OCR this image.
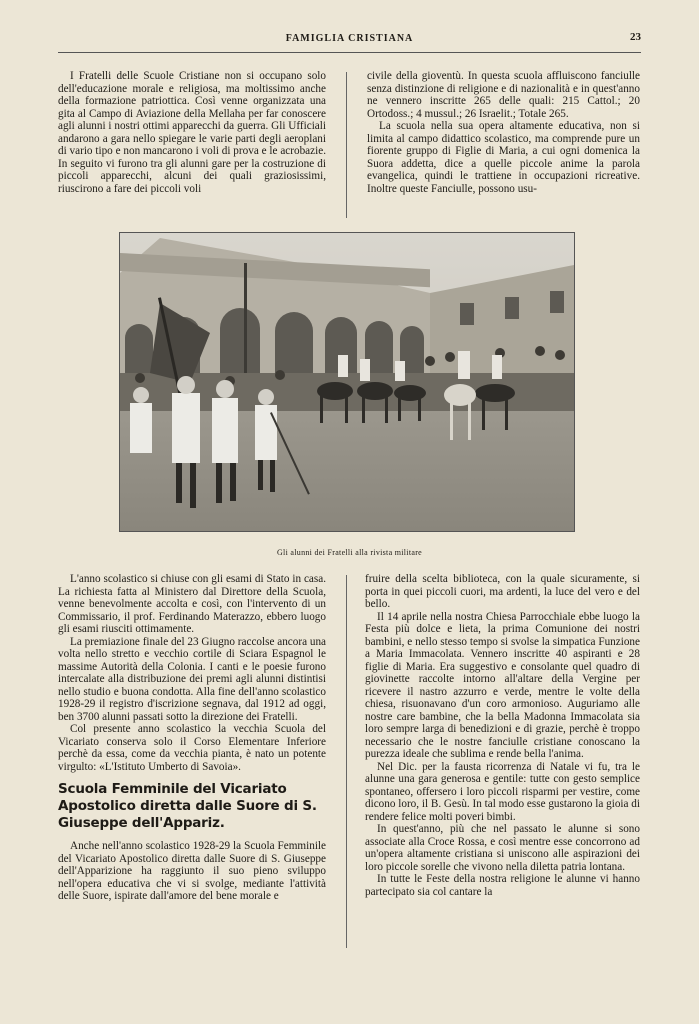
FAMIGLIA CRISTIANA	23

I Fratelli delle Scuole Cristiane non si occupano solo dell'educazione morale e religiosa, ma moltissimo anche della formazione patriottica. Così venne organizzata una gita al Campo di Aviazione della Mellaha per far conoscere agli alunni i nostri ottimi apparecchi da guerra. Gli Ufficiali andarono a gara nello spiegare le varie parti degli aeroplani di vario tipo e non mancarono i voli di prova e le acrobazie. In seguito vi furono tra gli alunni gare per la costruzione di piccoli apparecchi, alcuni dei quali graziosissimi, riuscirono a fare dei piccoli voli

civile della gioventù. In questa scuola affluiscono fanciulle senza distinzione di religione e di nazionalità e in quest'anno ne vennero inscritte 265 delle quali: 215 Cattol.; 20 Ortodoss.; 4 mussul.; 26 Israelit.; Totale 265.

La scuola nella sua opera altamente educativa, non si limita al campo didattico scolastico, ma comprende pure un fiorente gruppo di Figlie di Maria, a cui ogni domenica la Suora addetta, dice a quelle piccole anime la parola evangelica, quindi le trattiene in occupazioni ricreative. Inoltre queste Fanciulle, possono usu-

Gli alunni dei Fratelli alla rivista militare

L'anno scolastico si chiuse con gli esami di Stato in casa. La richiesta fatta al Ministero dal Direttore della Scuola, venne benevolmente accolta e così, con l'intervento di un Commissario, il prof. Ferdinando Materazzo, ebbero luogo gli esami riusciti ottimamente.

La premiazione finale del 23 Giugno raccolse ancora una volta nello stretto e vecchio cortile di Sciara Espagnol le massime Autorità della Colonia. I canti e le poesie furono intercalate alla distribuzione dei premi agli alunni distintisi nello studio e buona condotta. Alla fine dell'anno scolastico 1928-29 il registro d'iscrizione segnava, dal 1912 ad oggi, ben 3700 alunni passati sotto la direzione dei Fratelli.

Col presente anno scolastico la vecchia Scuola del Vicariato conserva solo il Corso Elementare Inferiore perchè da essa, come da vecchia pianta, è nato un potente virgulto: «L'Istituto Umberto di Savoia».

Scuola Femminile del Vicariato Apostolico diretta dalle Suore di S. Giuseppe dell'Appariz.

Anche nell'anno scolastico 1928-29 la Scuola Femminile del Vicariato Apostolico diretta dalle Suore di S. Giuseppe dell'Apparizione ha raggiunto il suo pieno sviluppo nell'opera educativa che vi si svolge, mediante l'attività delle Suore, ispirate dall'amore del bene morale e

fruire della scelta biblioteca, con la quale sicuramente, si porta in quei piccoli cuori, ma ardenti, la luce del vero e del bello.

Il 14 aprile nella nostra Chiesa Parrocchiale ebbe luogo la Festa più dolce e lieta, la prima Comunione dei nostri bambini, e nello stesso tempo si svolse la simpatica Funzione a Maria Immacolata. Vennero inscritte 40 aspiranti e 28 figlie di Maria. Era suggestivo e consolante quel quadro di giovinette raccolte intorno all'altare della Vergine per ricevere il nastro azzurro e verde, mentre le volte della chiesa, risuonavano d'un coro armonioso. Auguriamo alle nostre care bambine, che la bella Madonna Immacolata sia loro sempre larga di benedizioni e di grazie, perchè è troppo necessario che le nostre fanciulle cristiane conoscano la purezza ideale che sublima e rende bella l'anima.

Nel Dic. per la fausta ricorrenza di Natale vi fu, tra le alunne una gara generosa e gentile: tutte con gesto semplice spontaneo, offersero i loro piccoli risparmi per vestire, come dicono loro, il B. Gesù. In tal modo esse gustarono la gioia di rendere felice molti poveri bimbi.

In quest'anno, più che nel passato le alunne si sono associate alla Croce Rossa, e così mentre esse concorrono ad un'opera altamente cristiana si uniscono alle aspirazioni dei loro piccole sorelle che vivono nella diletta patria lontana.

In tutte le Feste della nostra religione le alunne vi hanno partecipato sia col cantare la
